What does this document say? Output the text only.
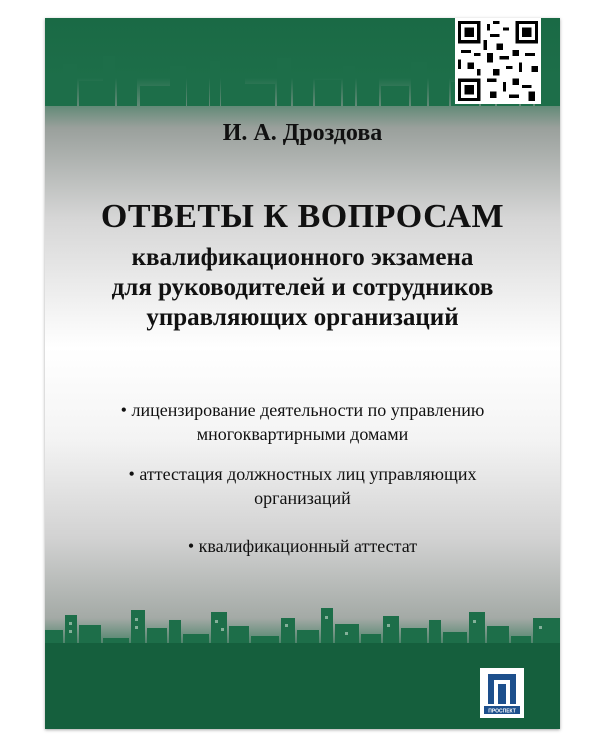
И. А. Дроздова
ОТВЕТЫ К ВОПРОСАМ
квалификационного экзамена
для руководителей и сотрудников
управляющих организаций
• лицензирование деятельности по управлению
многоквартирными домами
• аттестация должностных лиц управляющих
организаций
• квалификационный аттестат
ПРОСПЕКТ
